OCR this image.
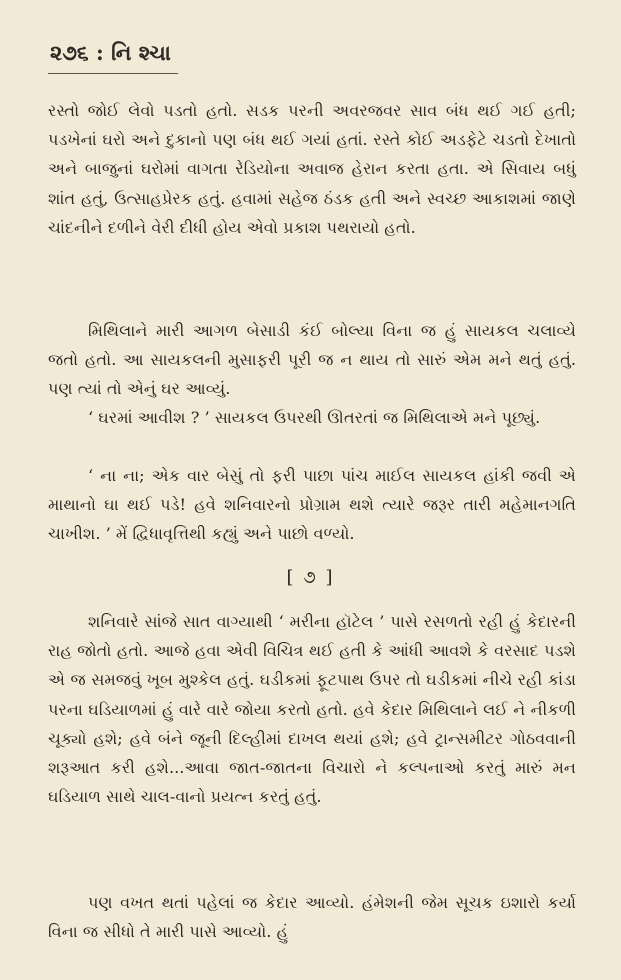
૨૭૬ : નિ શ્ચા
રસ્તો જોઈ લેવો પડતો હતો. સડક પરની અવરજવર સાવ બંધ થઈ ગઈ હતી; પડખેનાં ઘરો અને દુકાનો પણ બંધ થઈ ગયાં હતાં. રસ્તે કોઈ અડફેટે ચડતો દેખાતો અને બાજુનાં ઘરોમાં વાગતા રેડિયોના અવાજ હેરાન કરતા હતા. એ સિવાય બધું શાંત હતું, ઉત્સાહપ્રેરક હતું. હવામાં સહેજ ઠંડક હતી અને સ્વચ્છ આકાશમાં જાણે ચાંદનીને દળીને વેરી દીધી હોય એવો પ્રકાશ પથરાયો હતો.
મિથિલાને મારી આગળ બેસાડી કંઈ બોલ્યા વિના જ હું સાયકલ ચલાવ્યે જતો હતો. આ સાયકલની મુસાફરી પૂરી જ ન થાય તો સારું એમ મને થતું હતું. પણ ત્યાં તો એનું ઘર આવ્યું.
‘ ઘરમાં આવીશ ? ’ સાયકલ ઉપરથી ઊતરતાં જ મિથિલાએ મને પૂછ્યું.
‘ ના ના; એક વાર બેસું તો ફરી પાછા પાંચ માઈલ સાયકલ હાંકી જવી એ માથાનો ઘા થઈ પડે! હવે શનિવારનો પ્રોગ્રામ થશે ત્યારે જરૂર તારી મહેમાનગતિ ચાખીશ. ’ મેં દ્વિધાવૃત્તિથી કહ્યું અને પાછો વળ્યો.
[ ૭ ]
શનિવારે સાંજે સાત વાગ્યાથી ‘ મરીના હૉટેલ ’ પાસે રસળતો રહી હું કેદારની રાહ જોતો હતો. આજે હવા એવી વિચિત્ર થઈ હતી કે આંધી આવશે કે વરસાદ પડશે એ જ સમજવું ખૂબ મુશ્કેલ હતું. ઘડીકમાં ફૂટપાથ ઉપર તો ઘડીકમાં નીચે રહી કાંડા પરના ઘડિયાળમાં હું વારે વારે જોયા કરતો હતો. હવે કેદાર મિથિલાને લઈ ને નીકળી ચૂક્યો હશે; હવે બંને જૂની દિલ્હીમાં દાખલ થયાં હશે; હવે ટ્રાન્સમીટર ગોઠવવાની શરૂઆત કરી હશે...આવા જાત-જાતના વિચારો ને કલ્પનાઓ કરતું મારું મન ઘડિયાળ સાથે ચાલ-વાનો પ્રયત્ન કરતું હતું.
પણ વખત થતાં પહેલાં જ કેદાર આવ્યો. હંમેશની જેમ સૂચક ઇશારો કર્યા વિના જ સીધો તે મારી પાસે આવ્યો. હું
